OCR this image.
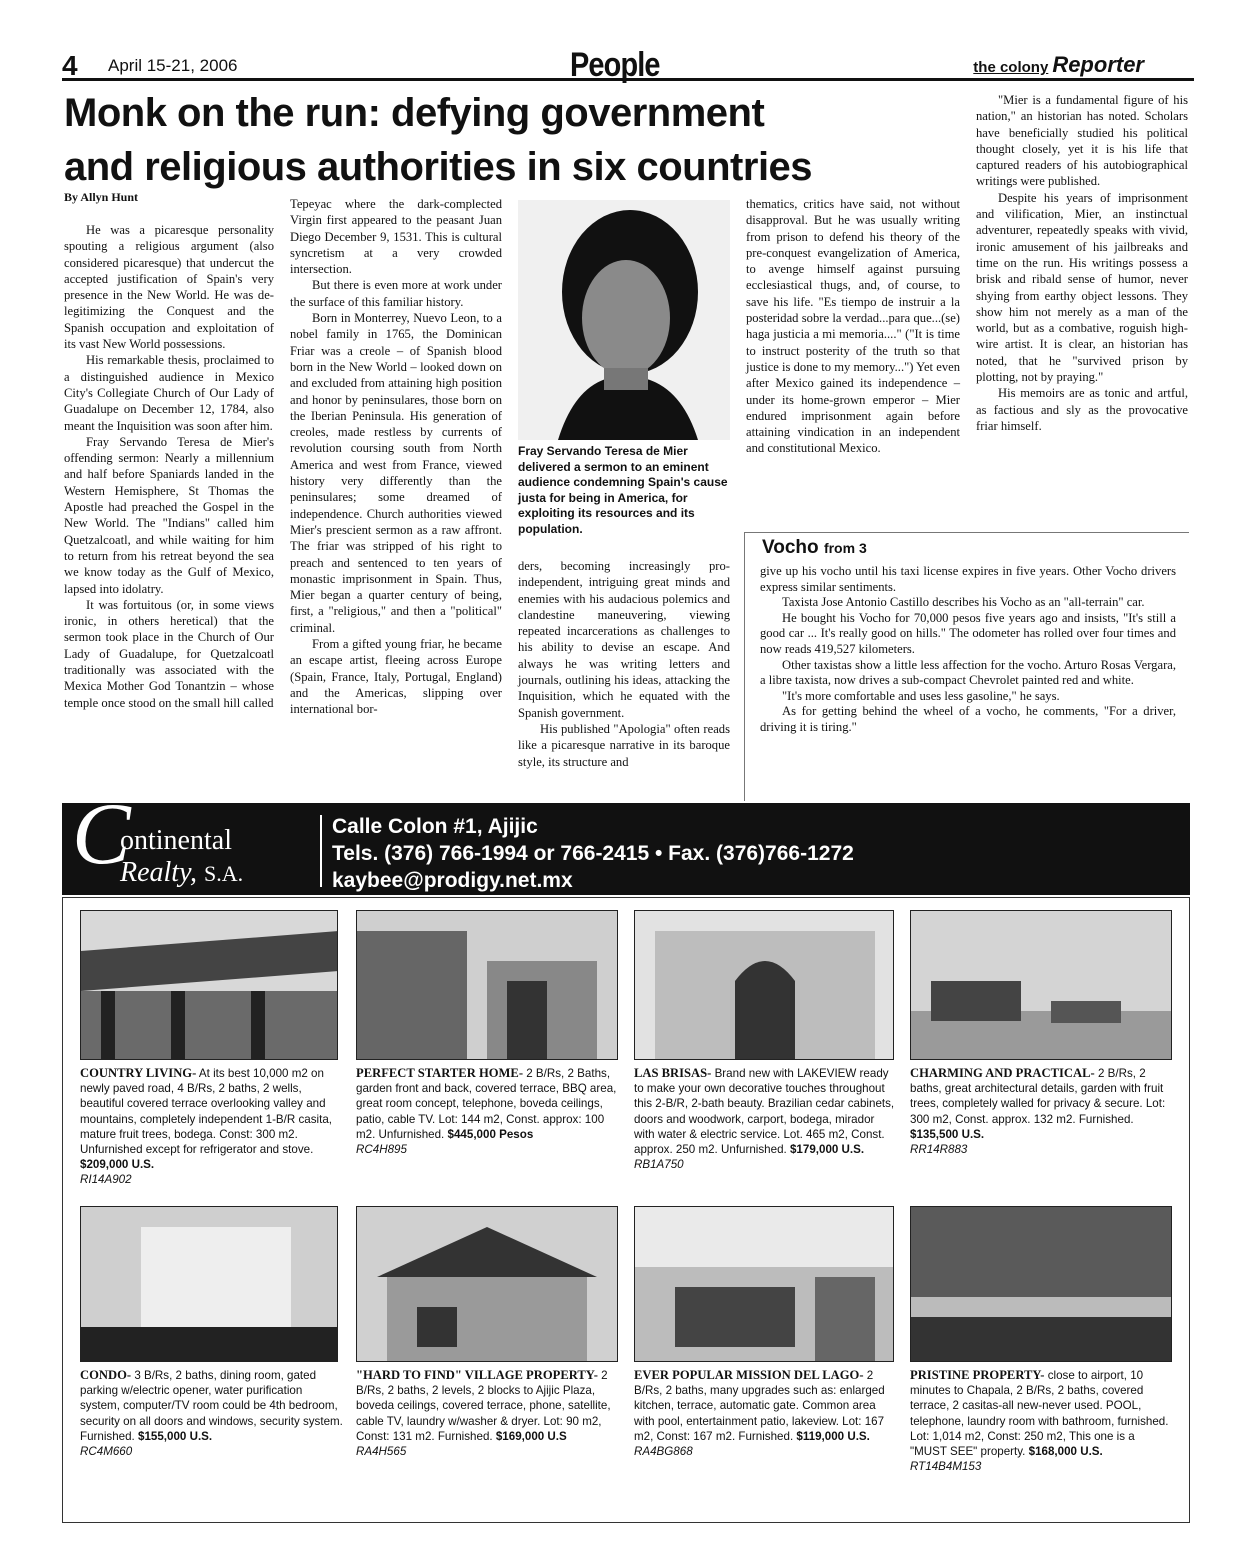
4 April 15-21, 2006	People	the colony Reporter
Monk on the run: defying government
and religious authorities in six countries
By Allyn Hunt

He was a picaresque personality spouting a religious argument (also considered picaresque) that undercut the accepted justification of Spain's very presence in the New World. He was de-legitimizing the Conquest and the Spanish occupation and exploitation of its vast New World possessions.

His remarkable thesis, proclaimed to a distinguished audience in Mexico City's Collegiate Church of Our Lady of Guadalupe on December 12, 1784, also meant the Inquisition was soon after him.

Fray Servando Teresa de Mier's offending sermon: Nearly a millennium and half before Spaniards landed in the Western Hemisphere, St Thomas the Apostle had preached the Gospel in the New World. The "Indians" called him Quetzalcoatl, and while waiting for him to return from his retreat beyond the sea we know today as the Gulf of Mexico, lapsed into idolatry.

It was fortuitous (or, in some views ironic, in others heretical) that the sermon took place in the Church of Our Lady of Guadalupe, for Quetzalcoatl traditionally was associated with the Mexica Mother God Tonantzin – whose temple once stood on the small hill called

Tepeyac where the dark-complected Virgin first appeared to the peasant Juan Diego December 9, 1531. This is cultural syncretism at a very crowded intersection.

But there is even more at work under the surface of this familiar history.

Born in Monterrey, Nuevo Leon, to a nobel family in 1765, the Dominican Friar was a creole – of Spanish blood born in the New World – looked down on and excluded from attaining high position and honor by peninsulares, those born on the Iberian Peninsula. His generation of creoles, made restless by currents of revolution coursing south from North America and west from France, viewed history very differently than the peninsulares; some dreamed of independence. Church authorities viewed Mier's prescient sermon as a raw affront. The friar was stripped of his right to preach and sentenced to ten years of monastic imprisonment in Spain. Thus, Mier began a quarter century of being, first, a "religious," and then a "political" criminal.

From a gifted young friar, he became an escape artist, fleeing across Europe (Spain, France, Italy, Portugal, England) and the Americas, slipping over international bor-

Fray Servando Teresa de Mier delivered a sermon to an eminent audience condemning Spain's cause justa for being in America, for exploiting its resources and its population.

ders, becoming increasingly pro-independent, intriguing great minds and enemies with his audacious polemics and clandestine maneuvering, viewing repeated incarcerations as challenges to his ability to devise an escape. And always he was writing letters and journals, outlining his ideas, attacking the Inquisition, which he equated with the Spanish government.

His published "Apologia" often reads like a picaresque narrative in its baroque style, its structure and

thematics, critics have said, not without disapproval. But he was usually writing from prison to defend his theory of the pre-conquest evangelization of America, to avenge himself against pursuing ecclesiastical thugs, and, of course, to save his life. "Es tiempo de instruir a la posteridad sobre la verdad...para que...(se) haga justicia a mi memoria...." ("It is time to instruct posterity of the truth so that justice is done to my memory...") Yet even after Mexico gained its independence – under its home-grown emperor – Mier endured imprisonment again before attaining vindication in an independent and constitutional Mexico.

"Mier is a fundamental figure of his nation," an historian has noted. Scholars have beneficially studied his political thought closely, yet it is his life that captured readers of his autobiographical writings were published.

Despite his years of imprisonment and vilification, Mier, an instinctual adventurer, repeatedly speaks with vivid, ironic amusement of his jailbreaks and time on the run. His writings possess a brisk and ribald sense of humor, never shying from earthy object lessons. They show him not merely as a man of the world, but as a combative, roguish high-wire artist. It is clear, an historian has noted, that he "survived prison by plotting, not by praying."

His memoirs are as tonic and artful, as factious and sly as the provocative friar himself.

Vocho from 3

give up his vocho until his taxi license expires in five years. Other Vocho drivers express similar sentiments.

Taxista Jose Antonio Castillo describes his Vocho as an "all-terrain" car.

He bought his Vocho for 70,000 pesos five years ago and insists, "It's still a good car ... It's really good on hills." The odometer has rolled over four times and now reads 419,527 kilometers.

Other taxistas show a little less affection for the vocho. Arturo Rosas Vergara, a libre taxista, now drives a sub-compact Chevrolet painted red and white.

"It's more comfortable and uses less gasoline," he says.

As for getting behind the wheel of a vocho, he comments, "For a driver, driving it is tiring."

C
ontinental
Realty, S.A.
Calle Colon #1, Ajijic
Tels. (376) 766-1994 or 766-2415 • Fax. (376)766-1272
kaybee@prodigy.net.mx
COUNTRY LIVING- At its best 10,000 m2 on newly paved road, 4 B/Rs, 2 baths, 2 wells, beautiful covered terrace overlooking valley and mountains, completely independent 1-B/R casita, mature fruit trees, bodega. Const: 300 m2. Unfurnished except for refrigerator and stove. $209,000 U.S.
RI14A902
PERFECT STARTER HOME- 2 B/Rs, 2 Baths, garden front and back, covered terrace, BBQ area, great room concept, telephone, boveda ceilings, patio, cable TV. Lot: 144 m2, Const. approx: 100 m2. Unfurnished. $445,000 Pesos
RC4H895
LAS BRISAS- Brand new with LAKEVIEW ready to make your own decorative touches throughout this 2-B/R, 2-bath beauty. Brazilian cedar cabinets, doors and woodwork, carport, bodega, mirador with water & electric service. Lot. 465 m2, Const. approx. 250 m2. Unfurnished. $179,000 U.S. RB1A750
CHARMING AND PRACTICAL- 2 B/Rs, 2 baths, great architectural details, garden with fruit trees, completely walled for privacy & secure. Lot: 300 m2, Const. approx. 132 m2. Furnished. $135,500 U.S.
RR14R883
CONDO- 3 B/Rs, 2 baths, dining room, gated parking w/electric opener, water purification system, computer/TV room could be 4th bedroom, security on all doors and windows, security system. Furnished. $155,000 U.S.
RC4M660
"HARD TO FIND" VILLAGE PROPERTY- 2 B/Rs, 2 baths, 2 levels, 2 blocks to Ajijic Plaza, boveda ceilings, covered terrace, phone, satellite, cable TV, laundry w/washer & dryer. Lot: 90 m2, Const: 131 m2. Furnished. $169,000 U.S
RA4H565
EVER POPULAR MISSION DEL LAGO- 2 B/Rs, 2 baths, many upgrades such as: enlarged kitchen, terrace, automatic gate. Common area with pool, entertainment patio, lakeview. Lot: 167 m2, Const: 167 m2. Furnished. $119,000 U.S.
RA4BG868
PRISTINE PROPERTY- close to airport, 10 minutes to Chapala, 2 B/Rs, 2 baths, covered terrace, 2 casitas-all new-never used. POOL, telephone, laundry room with bathroom, furnished. Lot: 1,014 m2, Const: 250 m2, This one is a "MUST SEE" property. $168,000 U.S. RT14B4M153
